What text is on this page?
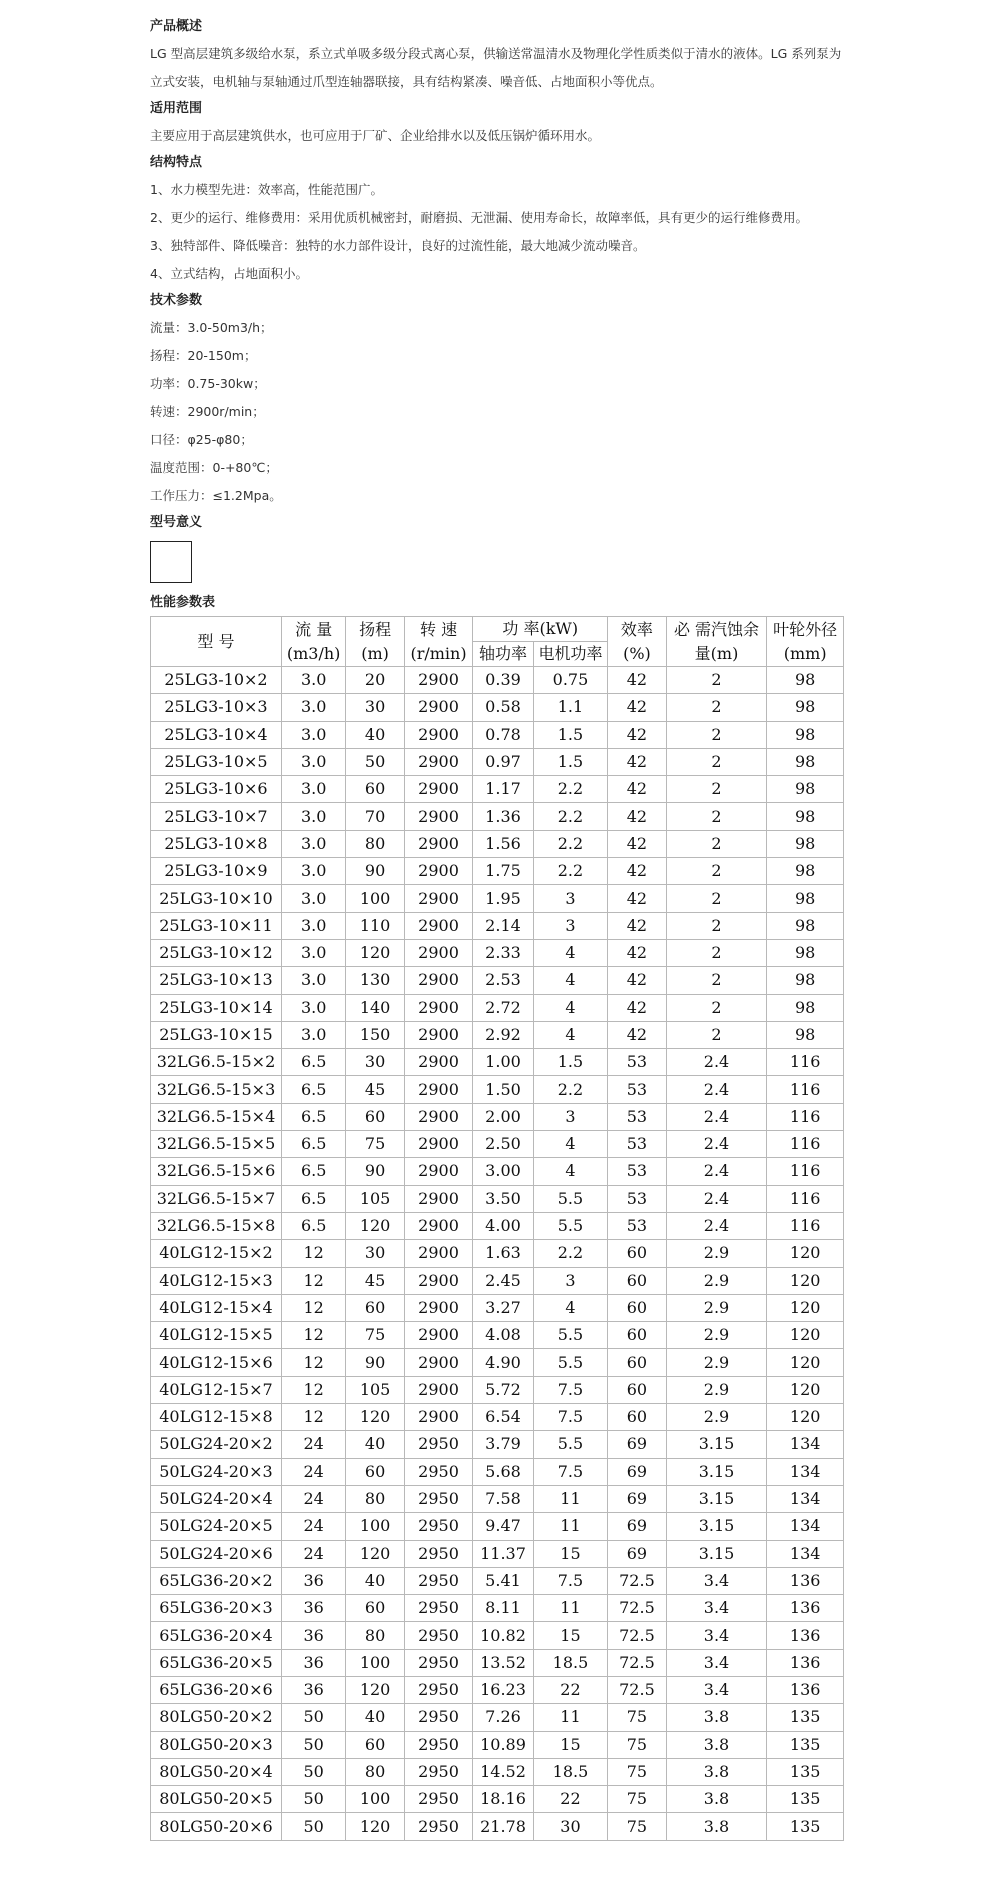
产品概述

LG 型高层建筑多级给水泵，系立式单吸多级分段式离心泵，供输送常温清水及物理化学性质类似于清水的液体。LG 系列泵为立式安装，电机轴与泵轴通过爪型连轴器联接，具有结构紧凑、噪音低、占地面积小等优点。

适用范围

主要应用于高层建筑供水，也可应用于厂矿、企业给排水以及低压锅炉循环用水。

结构特点

1、水力模型先进：效率高，性能范围广。

2、更少的运行、维修费用：采用优质机械密封，耐磨损、无泄漏、使用寿命长，故障率低，具有更少的运行维修费用。

3、独特部件、降低噪音：独特的水力部件设计，良好的过流性能，最大地减少流动噪音。

4、立式结构，占地面积小。

技术参数

流量：3.0-50m3/h；

扬程：20-150m；

功率：0.75-30kw；

转速：2900r/min；

口径：φ25-φ80；

温度范围：0-+80℃；

工作压力：≤1.2Mpa。

型号意义
性能参数表
型 号	流 量(m3/h)	扬程(m)	转 速(r/min)	功 率(kW)		效率(%)	必 需汽蚀余量(m)	叶轮外径(mm)
				轴功率	电机功率			
25LG3-10×2	3.0	20	2900	0.39	0.75	42	2	98
25LG3-10×3	3.0	30	2900	0.58	1.1	42	2	98
25LG3-10×4	3.0	40	2900	0.78	1.5	42	2	98
25LG3-10×5	3.0	50	2900	0.97	1.5	42	2	98
25LG3-10×6	3.0	60	2900	1.17	2.2	42	2	98
25LG3-10×7	3.0	70	2900	1.36	2.2	42	2	98
25LG3-10×8	3.0	80	2900	1.56	2.2	42	2	98
25LG3-10×9	3.0	90	2900	1.75	2.2	42	2	98
25LG3-10×10	3.0	100	2900	1.95	3	42	2	98
25LG3-10×11	3.0	110	2900	2.14	3	42	2	98
25LG3-10×12	3.0	120	2900	2.33	4	42	2	98
25LG3-10×13	3.0	130	2900	2.53	4	42	2	98
25LG3-10×14	3.0	140	2900	2.72	4	42	2	98
25LG3-10×15	3.0	150	2900	2.92	4	42	2	98
32LG6.5-15×2	6.5	30	2900	1.00	1.5	53	2.4	116
32LG6.5-15×3	6.5	45	2900	1.50	2.2	53	2.4	116
32LG6.5-15×4	6.5	60	2900	2.00	3	53	2.4	116
32LG6.5-15×5	6.5	75	2900	2.50	4	53	2.4	116
32LG6.5-15×6	6.5	90	2900	3.00	4	53	2.4	116
32LG6.5-15×7	6.5	105	2900	3.50	5.5	53	2.4	116
32LG6.5-15×8	6.5	120	2900	4.00	5.5	53	2.4	116
40LG12-15×2	12	30	2900	1.63	2.2	60	2.9	120
40LG12-15×3	12	45	2900	2.45	3	60	2.9	120
40LG12-15×4	12	60	2900	3.27	4	60	2.9	120
40LG12-15×5	12	75	2900	4.08	5.5	60	2.9	120
40LG12-15×6	12	90	2900	4.90	5.5	60	2.9	120
40LG12-15×7	12	105	2900	5.72	7.5	60	2.9	120
40LG12-15×8	12	120	2900	6.54	7.5	60	2.9	120
50LG24-20×2	24	40	2950	3.79	5.5	69	3.15	134
50LG24-20×3	24	60	2950	5.68	7.5	69	3.15	134
50LG24-20×4	24	80	2950	7.58	11	69	3.15	134
50LG24-20×5	24	100	2950	9.47	11	69	3.15	134
50LG24-20×6	24	120	2950	11.37	15	69	3.15	134
65LG36-20×2	36	40	2950	5.41	7.5	72.5	3.4	136
65LG36-20×3	36	60	2950	8.11	11	72.5	3.4	136
65LG36-20×4	36	80	2950	10.82	15	72.5	3.4	136
65LG36-20×5	36	100	2950	13.52	18.5	72.5	3.4	136
65LG36-20×6	36	120	2950	16.23	22	72.5	3.4	136
80LG50-20×2	50	40	2950	7.26	11	75	3.8	135
80LG50-20×3	50	60	2950	10.89	15	75	3.8	135
80LG50-20×4	50	80	2950	14.52	18.5	75	3.8	135
80LG50-20×5	50	100	2950	18.16	22	75	3.8	135
80LG50-20×6	50	120	2950	21.78	30	75	3.8	135
